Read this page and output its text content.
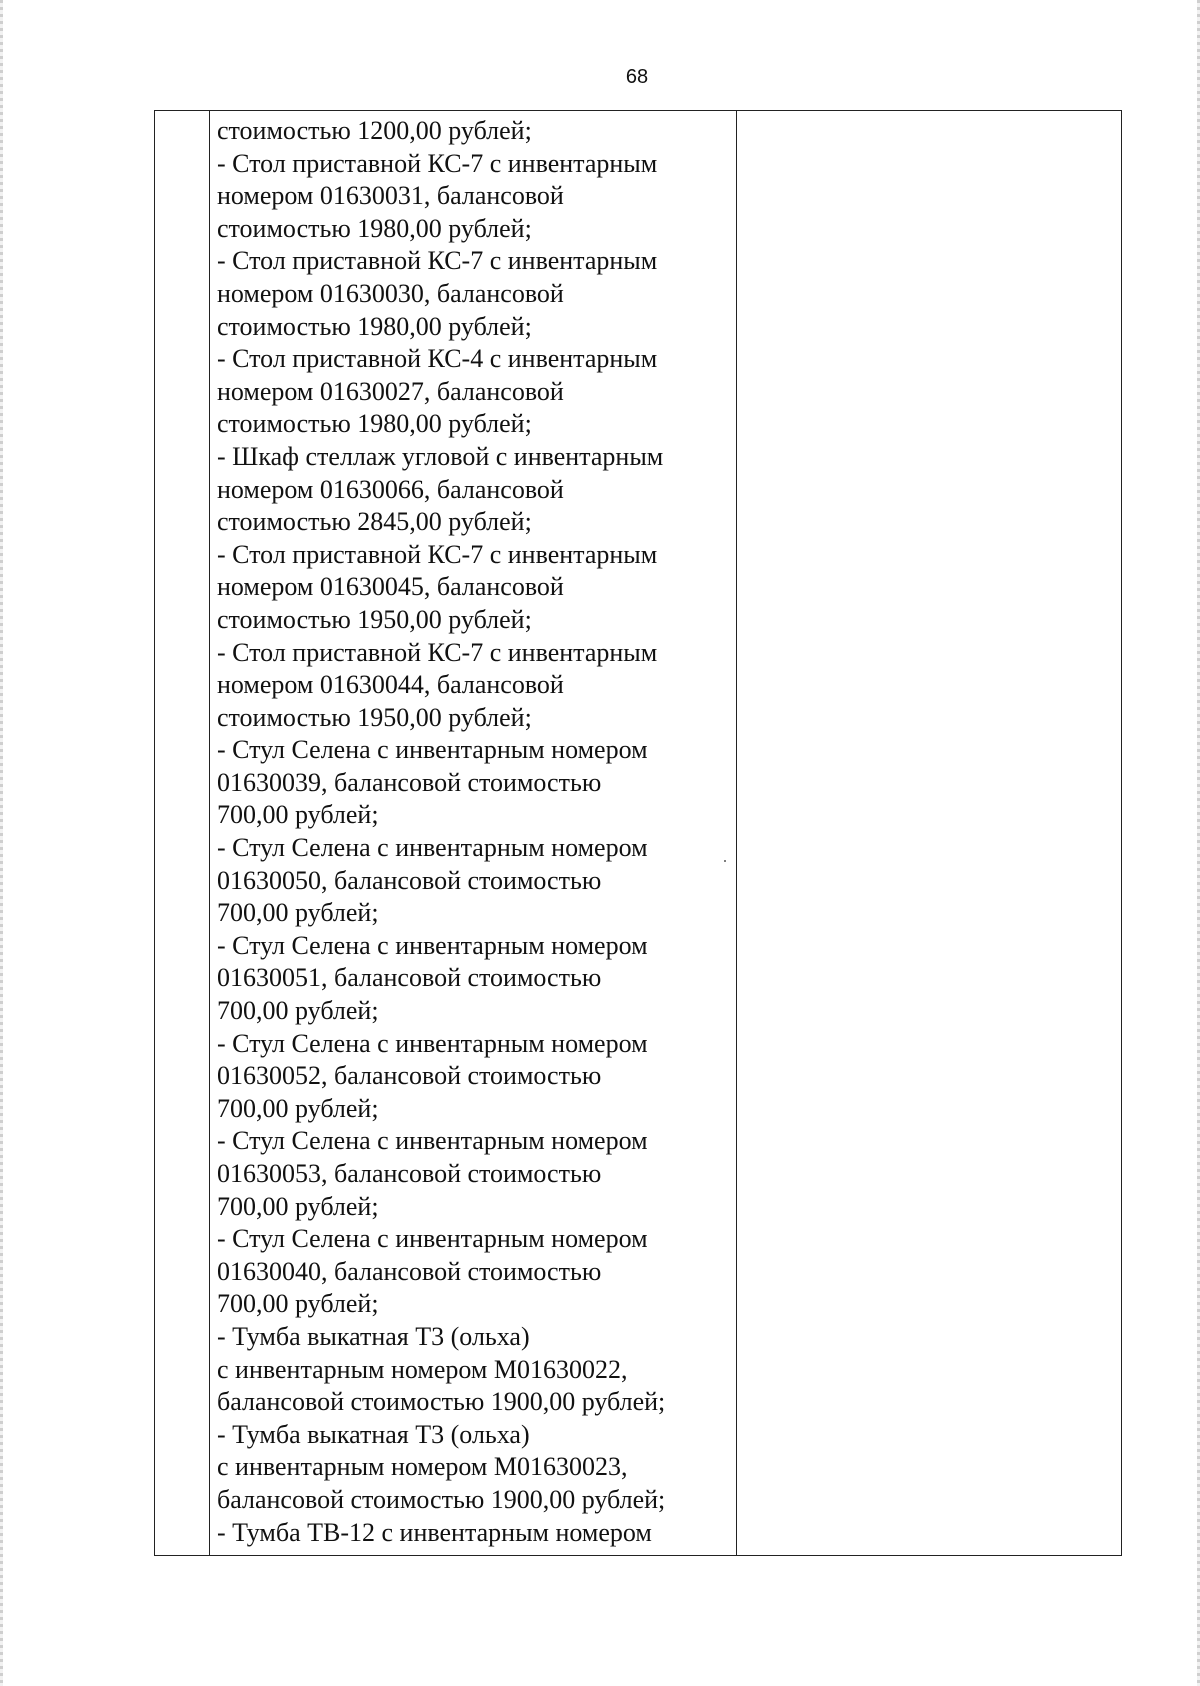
68
стоимостью 1200,00 рублей;
- Стол приставной КС-7 с инвентарным
номером 01630031, балансовой
стоимостью 1980,00 рублей;
- Стол приставной КС-7 с инвентарным
номером 01630030, балансовой
стоимостью 1980,00 рублей;
- Стол приставной КС-4 с инвентарным
номером 01630027, балансовой
стоимостью 1980,00 рублей;
- Шкаф стеллаж угловой с инвентарным
номером 01630066, балансовой
стоимостью 2845,00 рублей;
- Стол приставной КС-7 с инвентарным
номером 01630045, балансовой
стоимостью 1950,00 рублей;
- Стол приставной КС-7 с инвентарным
номером 01630044, балансовой
стоимостью 1950,00 рублей;
- Стул Селена с инвентарным номером
01630039, балансовой стоимостью
700,00 рублей;
- Стул Селена с инвентарным номером
01630050, балансовой стоимостью
700,00 рублей;
- Стул Селена с инвентарным номером
01630051, балансовой стоимостью
700,00 рублей;
- Стул Селена с инвентарным номером
01630052, балансовой стоимостью
700,00 рублей;
- Стул Селена с инвентарным номером
01630053, балансовой стоимостью
700,00 рублей;
- Стул Селена с инвентарным номером
01630040, балансовой стоимостью
700,00 рублей;
- Тумба выкатная Т3 (ольха)
с инвентарным номером М01630022,
балансовой стоимостью 1900,00 рублей;
- Тумба выкатная Т3 (ольха)
с инвентарным номером М01630023,
балансовой стоимостью 1900,00 рублей;
- Тумба ТВ-12 с инвентарным номером
